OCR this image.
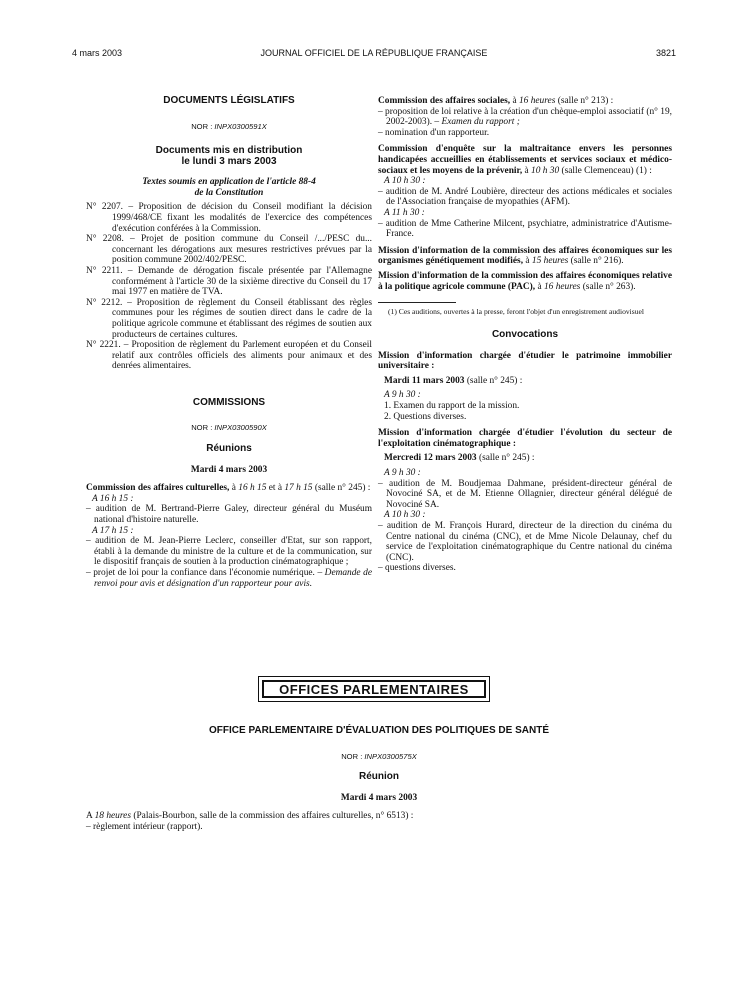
4 mars 2003	JOURNAL OFFICIEL DE LA RÉPUBLIQUE FRANÇAISE	3821
DOCUMENTS LÉGISLATIFS
NOR : INPX0300591X
Documents mis en distribution
le lundi 3 mars 2003
Textes soumis en application de l'article 88-4
de la Constitution
N° 2207. – Proposition de décision du Conseil modifiant la décision 1999/468/CE fixant les modalités de l'exercice des compétences d'exécution conférées à la Commission.
N° 2208. – Projet de position commune du Conseil /.../PESC du... concernant les dérogations aux mesures restrictives prévues par la position commune 2002/402/PESC.
N° 2211. – Demande de dérogation fiscale présentée par l'Allemagne conformément à l'article 30 de la sixième directive du Conseil du 17 mai 1977 en matière de TVA.
N° 2212. – Proposition de règlement du Conseil établissant des règles communes pour les régimes de soutien direct dans le cadre de la politique agricole commune et établissant des régimes de soutien aux producteurs de certaines cultures.
N° 2221. – Proposition de règlement du Parlement européen et du Conseil relatif aux contrôles officiels des aliments pour animaux et des denrées alimentaires.
COMMISSIONS
NOR : INPX0300590X
Réunions
Mardi 4 mars 2003
Commission des affaires culturelles, à 16 h 15 et à 17 h 15 (salle n° 245) :
A 16 h 15 :
– audition de M. Bertrand-Pierre Galey, directeur général du Muséum national d'histoire naturelle.
A 17 h 15 :
– audition de M. Jean-Pierre Leclerc, conseiller d'Etat, sur son rapport, établi à la demande du ministre de la culture et de la communication, sur le dispositif français de soutien à la production cinématographique ;
– projet de loi pour la confiance dans l'économie numérique. – Demande de renvoi pour avis et désignation d'un rapporteur pour avis.
Commission des affaires sociales, à 16 heures (salle n° 213) :
– proposition de loi relative à la création d'un chèque-emploi associatif (n° 19, 2002-2003). – Examen du rapport ;
– nomination d'un rapporteur.
Commission d'enquête sur la maltraitance envers les personnes handicapées accueillies en établissements et services sociaux et médico-sociaux et les moyens de la prévenir, à 10 h 30 (salle Clemenceau) (1) :
A 10 h 30 :
– audition de M. André Loubière, directeur des actions médicales et sociales de l'Association française de myopathies (AFM).
A 11 h 30 :
– audition de Mme Catherine Milcent, psychiatre, administratrice d'Autisme-France.
Mission d'information de la commission des affaires économiques sur les organismes génétiquement modifiés, à 15 heures (salle n° 216).
Mission d'information de la commission des affaires économiques relative à la politique agricole commune (PAC), à 16 heures (salle n° 263).
(1) Ces auditions, ouvertes à la presse, feront l'objet d'un enregistrement audiovisuel
Convocations
Mission d'information chargée d'étudier le patrimoine immobilier universitaire :
Mardi 11 mars 2003 (salle n° 245) :
A 9 h 30 :
1. Examen du rapport de la mission.
2. Questions diverses.
Mission d'information chargée d'étudier l'évolution du secteur de l'exploitation cinématographique :
Mercredi 12 mars 2003 (salle n° 245) :
A 9 h 30 :
– audition de M. Boudjemaa Dahmane, président-directeur général de Novociné SA, et de M. Etienne Ollagnier, directeur général délégué de Novociné SA.
A 10 h 30 :
– audition de M. François Hurard, directeur de la direction du cinéma du Centre national du cinéma (CNC), et de Mme Nicole Delaunay, chef du service de l'exploitation cinématographique du Centre national du cinéma (CNC).
– questions diverses.
OFFICES PARLEMENTAIRES
OFFICE PARLEMENTAIRE D'ÉVALUATION DES POLITIQUES DE SANTÉ
NOR : INPX0300575X
Réunion
Mardi 4 mars 2003
A 18 heures (Palais-Bourbon, salle de la commission des affaires culturelles, n° 6513) :
– règlement intérieur (rapport).
